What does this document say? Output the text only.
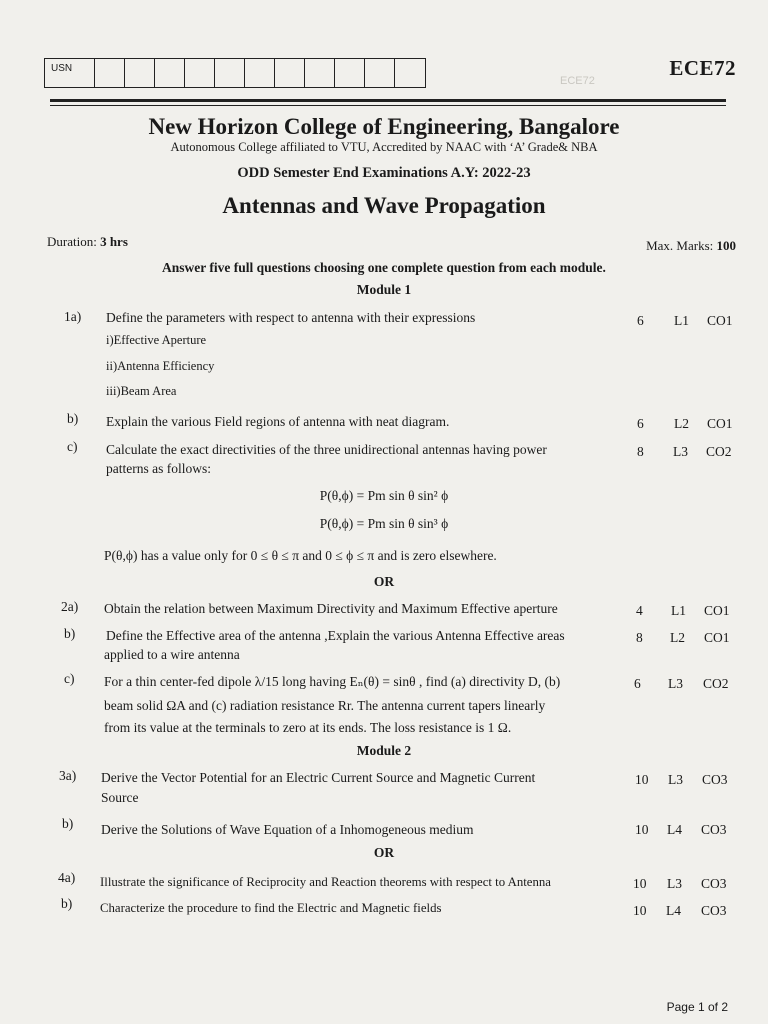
ECE72
USN	ECE72
New Horizon College of Engineering, Bangalore
Autonomous College affiliated to VTU, Accredited by NAAC with ‘A’ Grade& NBA
ODD Semester End Examinations A.Y: 2022-23
Antennas and Wave Propagation
Duration: 3 hrs	Max. Marks: 100
Answer five full questions choosing one complete question from each module.
Module 1
1a) Define the parameters with respect to antenna with their expressions	6 L1 CO1
i)Effective Aperture
ii)Antenna Efficiency
iii)Beam Area
b) Explain the various Field regions of antenna with neat diagram.	6 L2 CO1
c) Calculate the exact directivities of the three unidirectional antennas having power
patterns as follows:
8 L3 CO2
P(θ,ϕ) = Pm sin θ sin² ϕ
P(θ,ϕ) = Pm sin θ sin³ ϕ
P(θ,ϕ) has a value only for 0 ≤ θ ≤ π and 0 ≤ ϕ ≤ π and is zero elsewhere.
OR
2a) Obtain the relation between Maximum Directivity and Maximum Effective aperture	4 L1 CO1
b) Define the Effective area of the antenna ,Explain the various Antenna Effective areas
applied to a wire antenna
8 L2 CO1
c) For a thin center-fed dipole λ/15 long having Eₙ(θ) = sinθ , find (a) directivity D, (b)
beam solid ΩA and (c) radiation resistance Rr. The antenna current tapers linearly
from its value at the terminals to zero at its ends. The loss resistance is 1 Ω.
6 L3 CO2
Module 2
3a) Derive the Vector Potential for an Electric Current Source and Magnetic Current
Source
10 L3 CO3
b) Derive the Solutions of Wave Equation of a Inhomogeneous medium	10 L4 CO3
OR
4a) Illustrate the significance of Reciprocity and Reaction theorems with respect to Antenna	10 L3 CO3
b) Characterize the procedure to find the Electric and Magnetic fields	10 L4 CO3
Page 1 of 2
